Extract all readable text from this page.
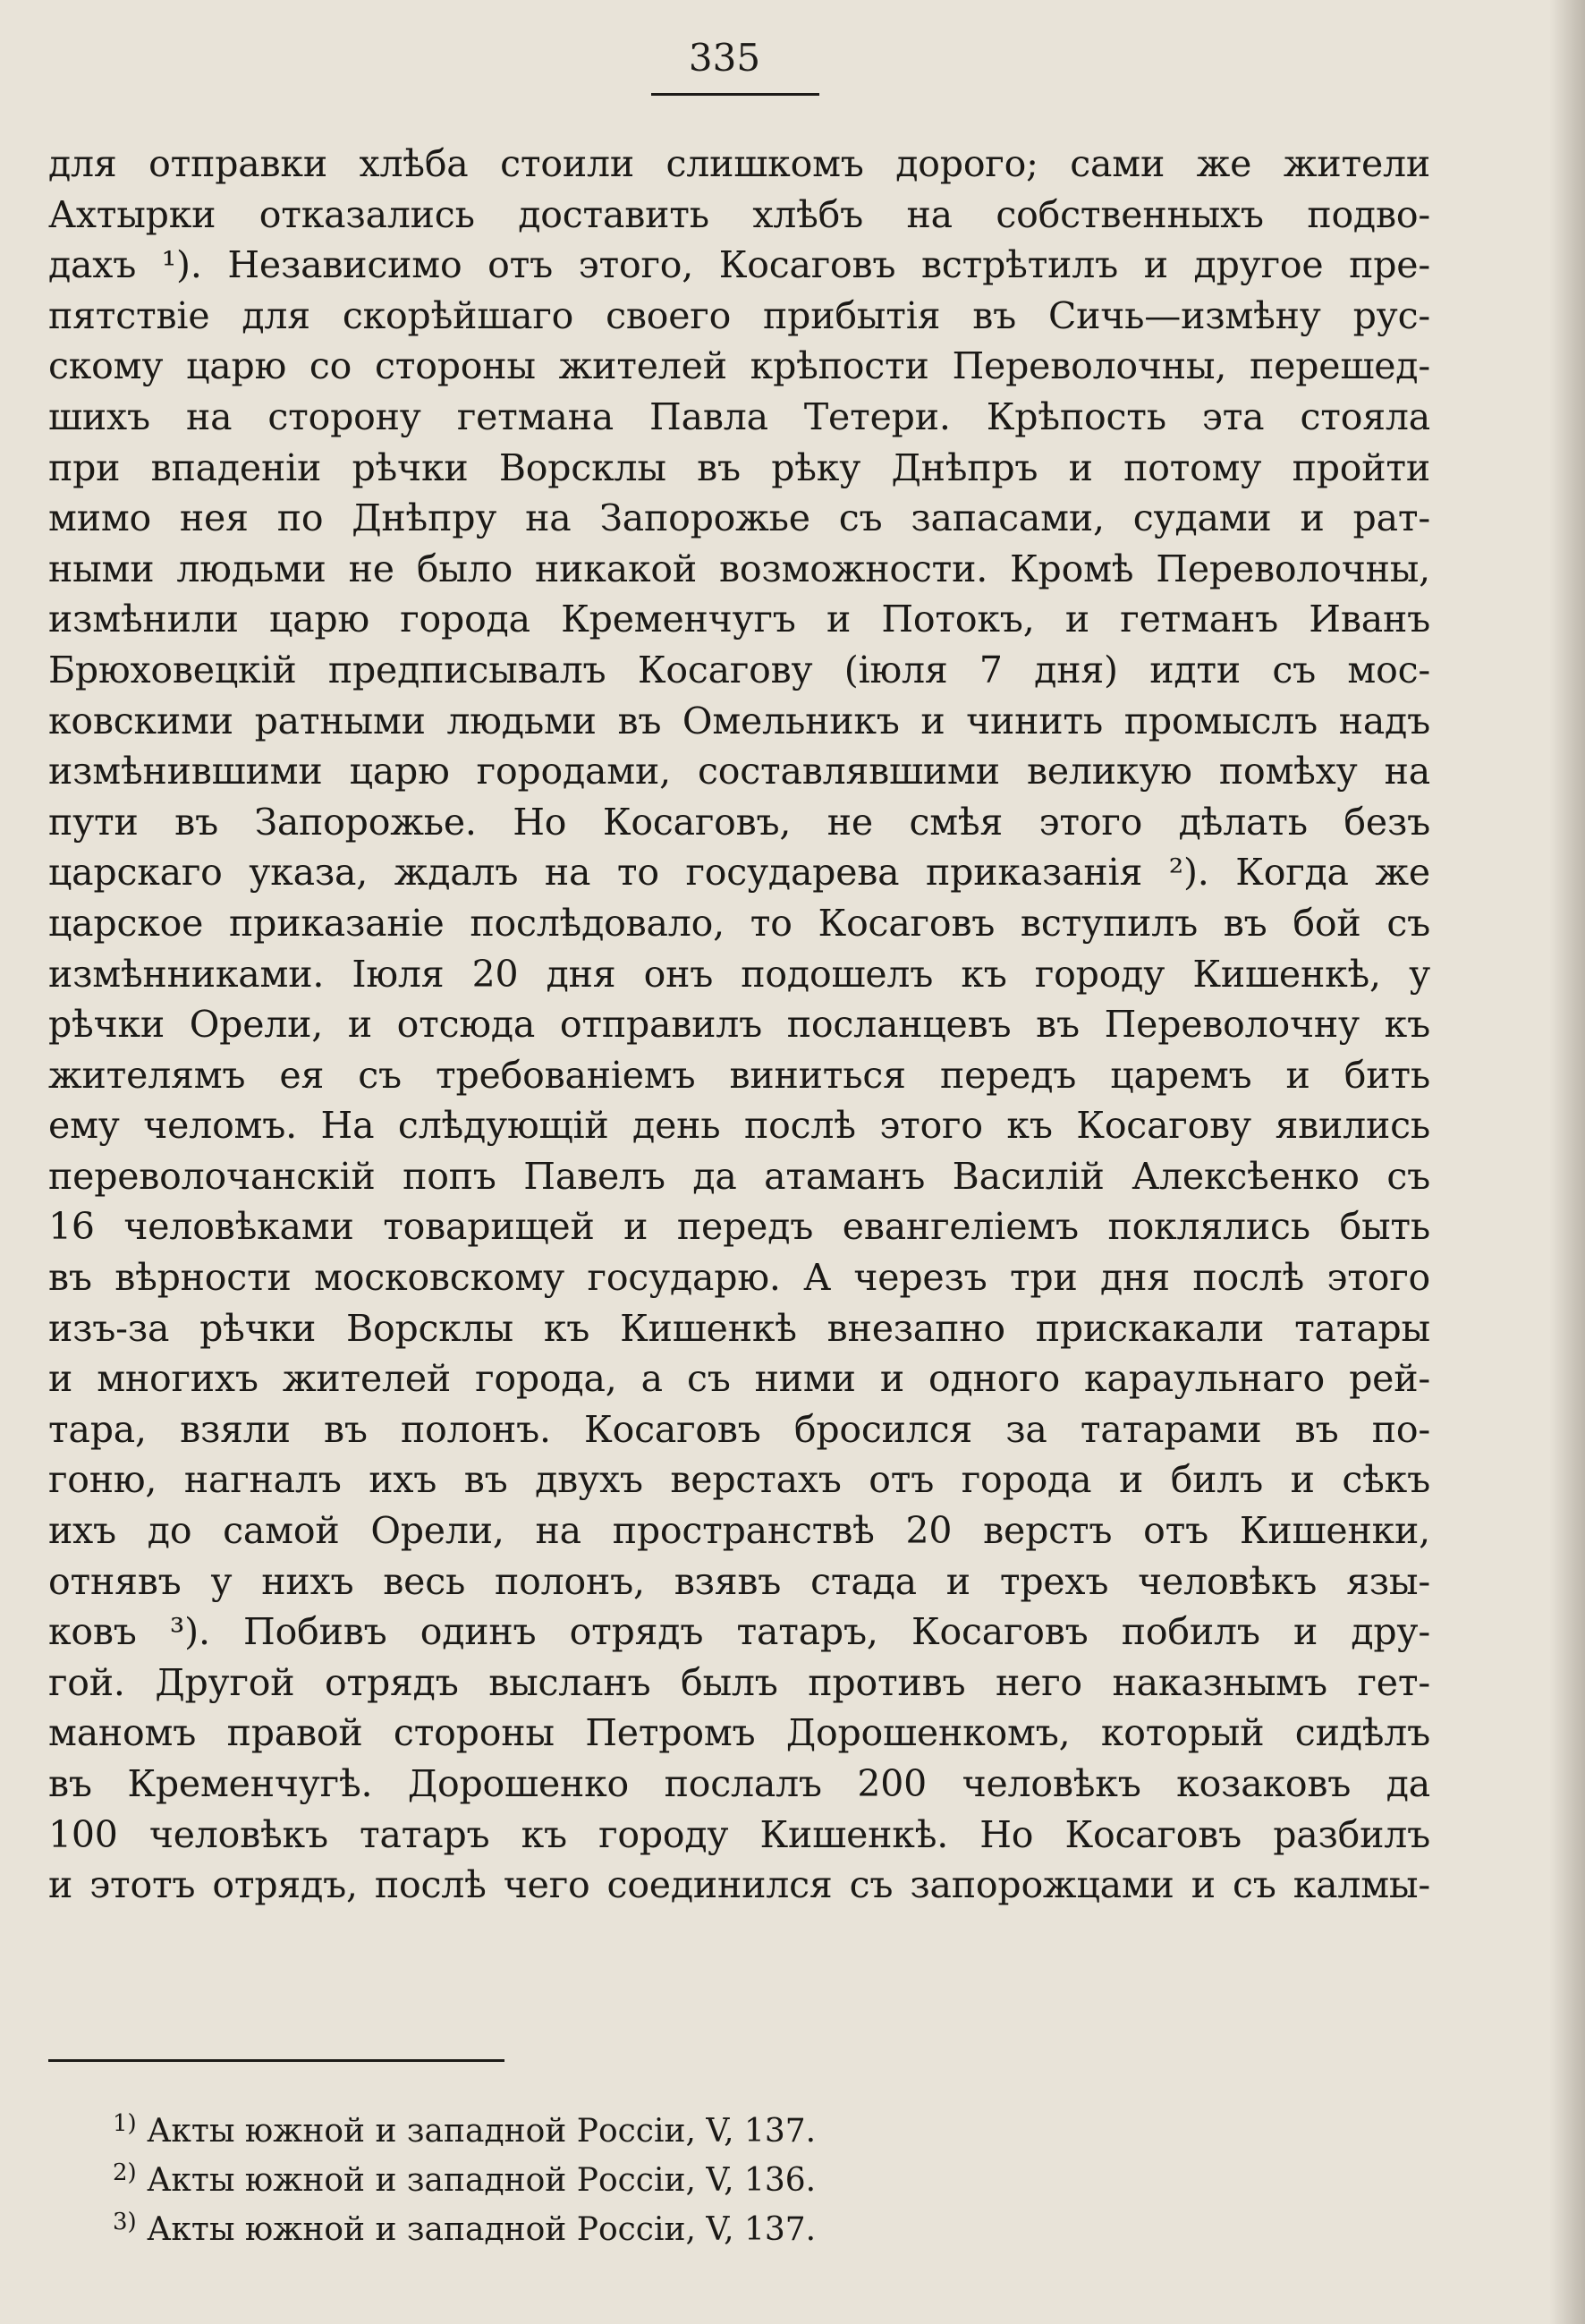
335
для отправки хлѣба стоили слишкомъ дорого; сами же жители
Ахтырки отказались доставить хлѣбъ на собственныхъ подво-
дахъ ¹). Независимо отъ этого, Косаговъ встрѣтилъ и другое пре-
пятствіе для скорѣйшаго своего прибытія въ Сичь—измѣну рус-
скому царю со стороны жителей крѣпости Переволочны, перешед-
шихъ на сторону гетмана Павла Тетери. Крѣпость эта стояла
при впаденіи рѣчки Ворсклы въ рѣку Днѣпръ и потому пройти
мимо нея по Днѣпру на Запорожье съ запасами, судами и рат-
ными людьми не было никакой возможности. Кромѣ Переволочны,
измѣнили царю города Кременчугъ и Потокъ, и гетманъ Иванъ
Брюховецкій предписывалъ Косагову (іюля 7 дня) идти съ мос-
ковскими ратными людьми въ Омельникъ и чинить промыслъ надъ
измѣнившими царю городами, составлявшими великую помѣху на
пути въ Запорожье. Но Косаговъ, не смѣя этого дѣлать безъ
царскаго указа, ждалъ на то государева приказанія ²). Когда же
царское приказаніе послѣдовало, то Косаговъ вступилъ въ бой съ
измѣнниками. Іюля 20 дня онъ подошелъ къ городу Кишенкѣ, у
рѣчки Орели, и отсюда отправилъ посланцевъ въ Переволочну къ
жителямъ ея съ требованіемъ виниться передъ царемъ и бить
ему челомъ. На слѣдующій день послѣ этого къ Косагову явились
переволочанскій попъ Павелъ да атаманъ Василій Алексѣенко съ
16 человѣками товарищей и передъ евангеліемъ поклялись быть
въ вѣрности московскому государю. А черезъ три дня послѣ этого
изъ-за рѣчки Ворсклы къ Кишенкѣ внезапно прискакали татары
и многихъ жителей города, а съ ними и одного караульнаго рей-
тара, взяли въ полонъ. Косаговъ бросился за татарами въ по-
гоню, нагналъ ихъ въ двухъ верстахъ отъ города и билъ и сѣкъ
ихъ до самой Орели, на пространствѣ 20 верстъ отъ Кишенки,
отнявъ у нихъ весь полонъ, взявъ стада и трехъ человѣкъ язы-
ковъ ³). Побивъ одинъ отрядъ татаръ, Косаговъ побилъ и дру-
гой. Другой отрядъ высланъ былъ противъ него наказнымъ гет-
маномъ правой стороны Петромъ Дорошенкомъ, который сидѣлъ
въ Кременчугѣ. Дорошенко послалъ 200 человѣкъ козаковъ да
100 человѣкъ татаръ къ городу Кишенкѣ. Но Косаговъ разбилъ
и этотъ отрядъ, послѣ чего соединился съ запорожцами и съ калмы-
$^{1)}$ Акты южной и западной Россіи, V, 137.
$^{2)}$ Акты южной и западной Россіи, V, 136.
$^{3)}$ Акты южной и западной Россіи, V, 137.
